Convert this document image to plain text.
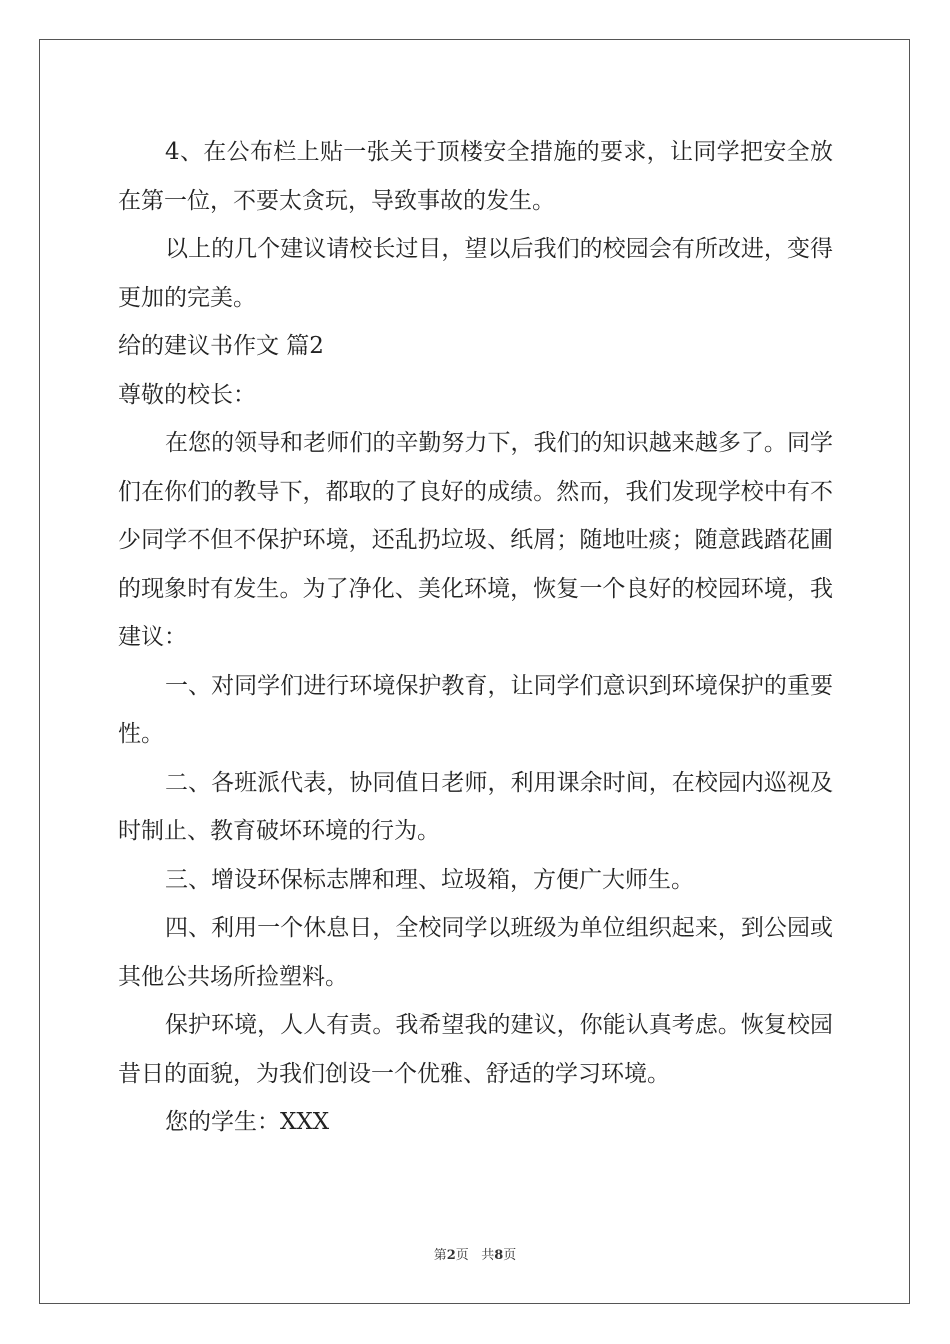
4、在公布栏上贴一张关于顶楼安全措施的要求，让同学把安全放在第一位，不要太贪玩，导致事故的发生。

以上的几个建议请校长过目，望以后我们的校园会有所改进，变得更加的完美。

给的建议书作文 篇2

尊敬的校长：

在您的领导和老师们的辛勤努力下，我们的知识越来越多了。同学们在你们的教导下，都取的了良好的成绩。然而，我们发现学校中有不少同学不但不保护环境，还乱扔垃圾、纸屑；随地吐痰；随意践踏花圃的现象时有发生。为了净化、美化环境，恢复一个良好的校园环境，我建议：

一、对同学们进行环境保护教育，让同学们意识到环境保护的重要性。

二、各班派代表，协同值日老师，利用课余时间，在校园内巡视及时制止、教育破坏环境的行为。

三、增设环保标志牌和理、垃圾箱，方便广大师生。

四、利用一个休息日，全校同学以班级为单位组织起来，到公园或其他公共场所捡塑料。

保护环境，人人有责。我希望我的建议，你能认真考虑。恢复校园昔日的面貌，为我们创设一个优雅、舒适的学习环境。

您的学生：XXX

第2页 共8页
